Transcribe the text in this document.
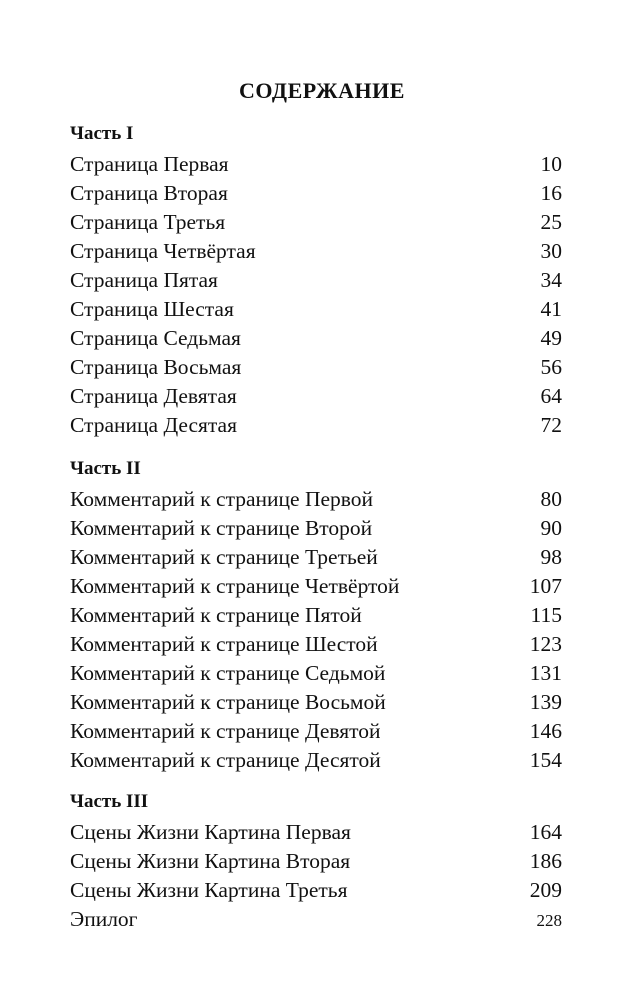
СОДЕРЖАНИЕ
Часть I
Страница Первая	10
Страница Вторая	16
Страница Третья	25
Страница Четвёртая	30
Страница Пятая	34
Страница Шестая	41
Страница Седьмая	49
Страница Восьмая	56
Страница Девятая	64
Страница Десятая	72
Часть II
Комментарий к странице Первой	80
Комментарий к странице Второй	90
Комментарий к странице Третьей	98
Комментарий к странице Четвёртой	107
Комментарий к странице Пятой	115
Комментарий к странице Шестой	123
Комментарий к странице Седьмой	131
Комментарий к странице Восьмой	139
Комментарий к странице Девятой	146
Комментарий к странице Десятой	154
Часть III
Сцены Жизни Картина Первая	164
Сцены Жизни Картина Вторая	186
Сцены Жизни Картина Третья	209
Эпилог	228
